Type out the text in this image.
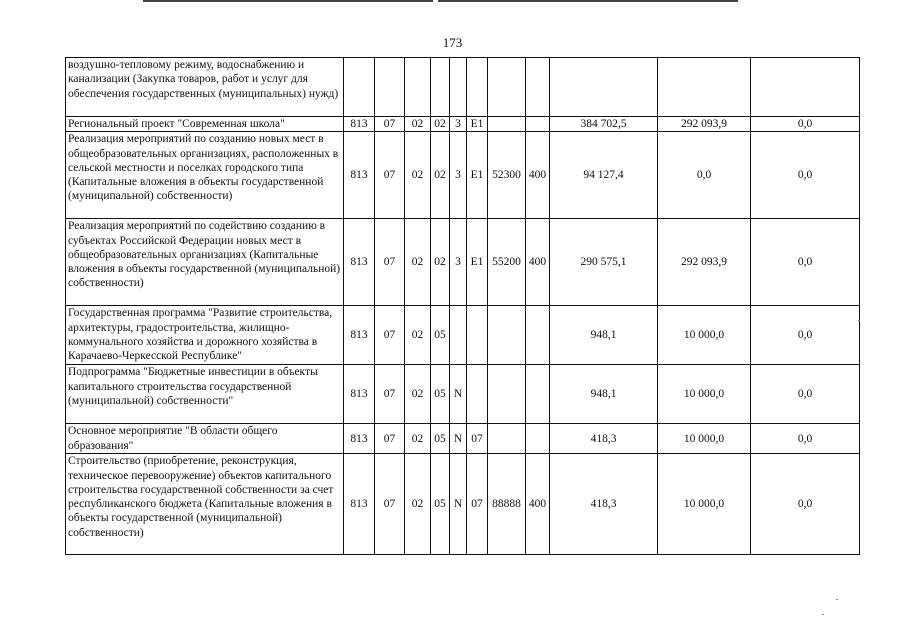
173
воздушно-тепловому режиму, водоснабжению и канализации (Закупка товаров, работ и услуг для обеспечения государственных (муниципальных) нужд)											
Региональный проект "Современная школа"	813	07	02	02	3	E1			384 702,5	292 093,9	0,0
Реализация мероприятий по созданию новых мест в общеобразовательных организациях, расположенных в сельской местности и поселках городского типа (Капитальные вложения в объекты государственной (муниципальной) собственности)	813	07	02	02	3	E1	52300	400	94 127,4	0,0	0,0
Реализация мероприятий по содействию созданию в субъектах Российской Федерации новых мест в общеобразовательных организациях (Капитальные вложения в объекты государственной (муниципальной) собственности)	813	07	02	02	3	E1	55200	400	290 575,1	292 093,9	0,0
Государственная программа "Развитие строительства, архитектуры, градостроительства, жилищно-коммунального хозяйства и дорожного хозяйства в Карачаево-Черкесской Республике"	813	07	02	05					948,1	10 000,0	0,0
Подпрограмма "Бюджетные инвестиции в объекты капитального строительства государственной (муниципальной) собственности"	813	07	02	05	N				948,1	10 000,0	0,0
Основное мероприятие "В области общего образования"	813	07	02	05	N	07			418,3	10 000,0	0,0
Строительство (приобретение, реконструкция, техническое перевооружение) объектов капитального строительства государственной собственности за счет республиканского бюджета (Капитальные вложения в объекты государственной (муниципальной) собственности)	813	07	02	05	N	07	88888	400	418,3	10 000,0	0,0
